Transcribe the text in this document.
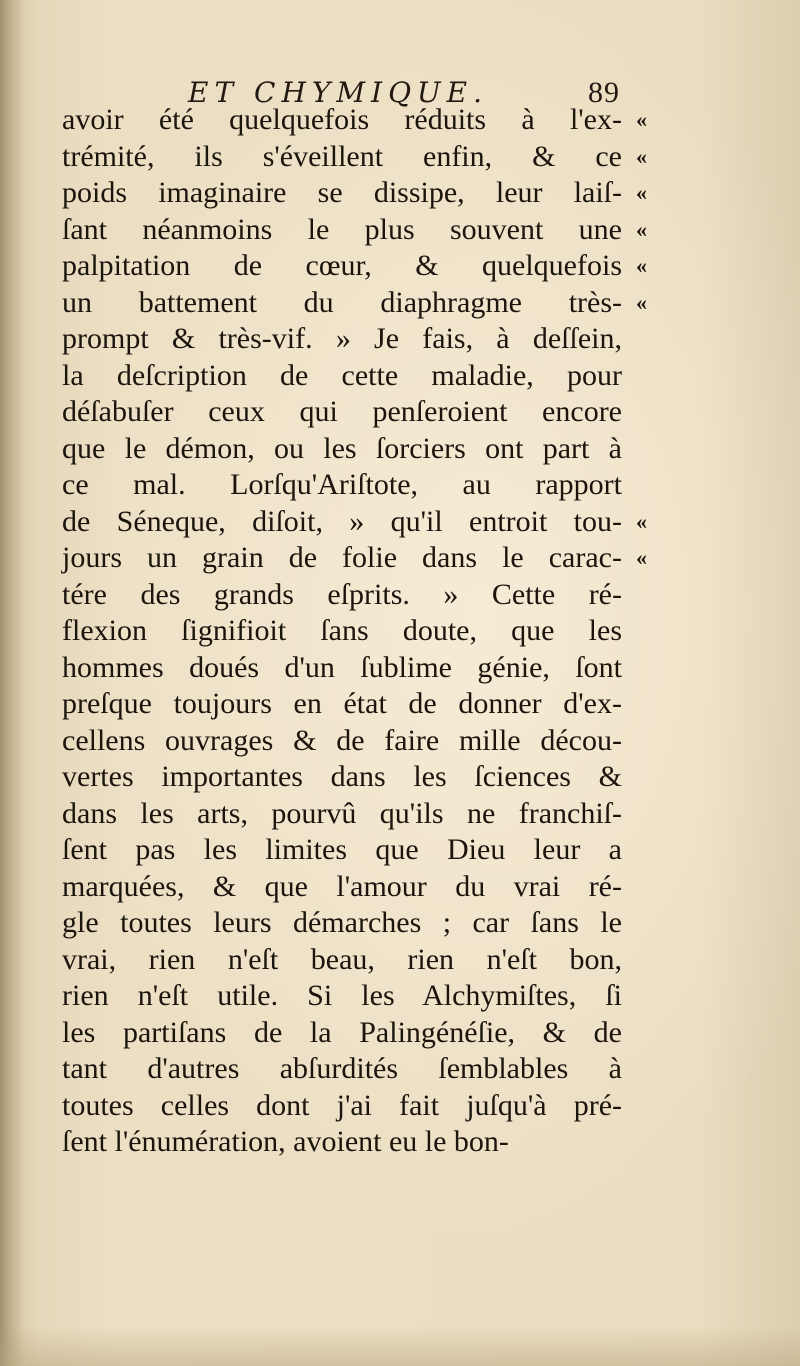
ET CHYMIQUE.	89
avoir été quelquefois réduits à l'ex- «
trémité, ils s'éveillent enfin, & ce «
poids imaginaire se dissipe, leur laiſ- «
ſant néanmoins le plus souvent une «
palpitation de cœur, & quelquefois «
un battement du diaphragme très- «
prompt & très-vif. » Je fais, à deſſein,
la deſcription de cette maladie, pour
déſabuſer ceux qui penſeroient encore
que le démon, ou les ſorciers ont part à
ce mal. Lorſqu'Ariſtote, au rapport
de Séneque, diſoit, » qu'il entroit tou- «
jours un grain de folie dans le carac- «
tére des grands eſprits. » Cette ré-
flexion ſignifioit ſans doute, que les
hommes doués d'un ſublime génie, ſont
preſque toujours en état de donner d'ex-
cellens ouvrages & de faire mille décou-
vertes importantes dans les ſciences &
dans les arts, pourvû qu'ils ne franchiſ-
ſent pas les limites que Dieu leur a
marquées, & que l'amour du vrai ré-
gle toutes leurs démarches ; car ſans le
vrai, rien n'eſt beau, rien n'eſt bon,
rien n'eſt utile. Si les Alchymiſtes, ſi
les partiſans de la Palingénéſie, & de
tant d'autres abſurdités ſemblables à
toutes celles dont j'ai fait juſqu'à pré-
ſent l'énumération, avoient eu le bon-
